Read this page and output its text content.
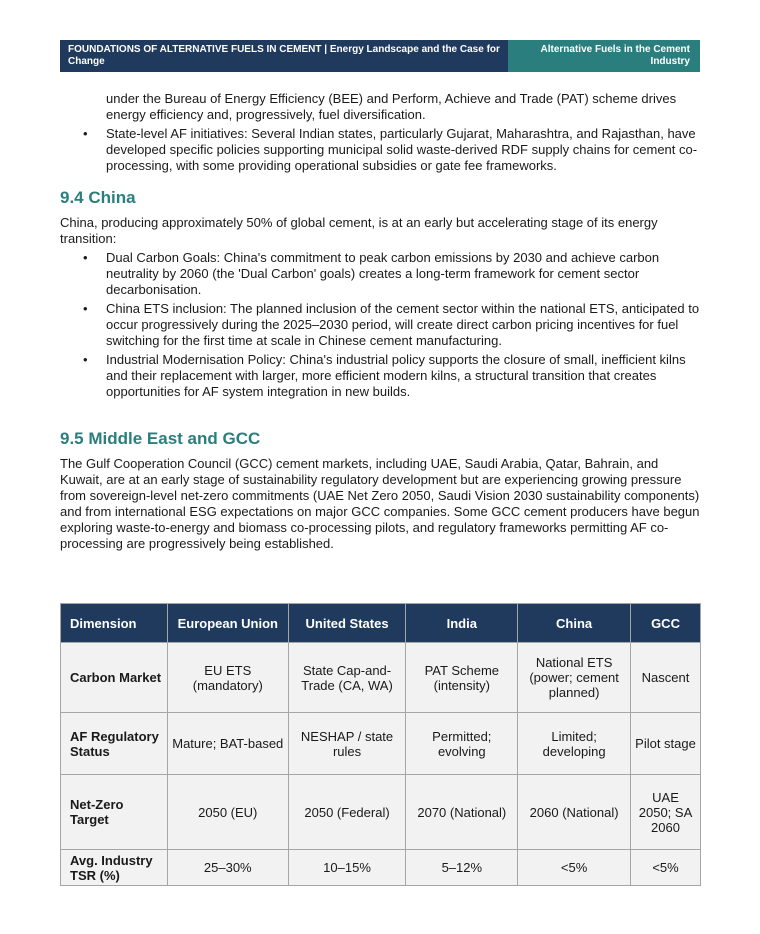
FOUNDATIONS OF ALTERNATIVE FUELS IN CEMENT | Energy Landscape and the Case for Change
Alternative Fuels in the Cement Industry
under the Bureau of Energy Efficiency (BEE) and Perform, Achieve and Trade (PAT) scheme drives energy efficiency and, progressively, fuel diversification.
• State-level AF initiatives: Several Indian states, particularly Gujarat, Maharashtra, and Rajasthan, have developed specific policies supporting municipal solid waste-derived RDF supply chains for cement co-processing, with some providing operational subsidies or gate fee frameworks.
9.4 China

China, producing approximately 50% of global cement, is at an early but accelerating stage of its energy transition:

• Dual Carbon Goals: China's commitment to peak carbon emissions by 2030 and achieve carbon neutrality by 2060 (the 'Dual Carbon' goals) creates a long-term framework for cement sector decarbonisation.
• China ETS inclusion: The planned inclusion of the cement sector within the national ETS, anticipated to occur progressively during the 2025–2030 period, will create direct carbon pricing incentives for fuel switching for the first time at scale in Chinese cement manufacturing.
• Industrial Modernisation Policy: China's industrial policy supports the closure of small, inefficient kilns and their replacement with larger, more efficient modern kilns, a structural transition that creates opportunities for AF system integration in new builds.
9.5 Middle East and GCC

The Gulf Cooperation Council (GCC) cement markets, including UAE, Saudi Arabia, Qatar, Bahrain, and Kuwait, are at an early stage of sustainability regulatory development but are experiencing growing pressure from sovereign-level net-zero commitments (UAE Net Zero 2050, Saudi Vision 2030 sustainability components) and from international ESG expectations on major GCC companies. Some GCC cement producers have begun exploring waste-to-energy and biomass co-processing pilots, and regulatory frameworks permitting AF co-processing are progressively being established.

Dimension	European Union	United States	India	China	GCC
Carbon Market	EU ETS (mandatory)	State Cap-and-Trade (CA, WA)	PAT Scheme (intensity)	National ETS (power; cement planned)	Nascent
AF Regulatory Status	Mature; BAT-based	NESHAP / state rules	Permitted; evolving	Limited; developing	Pilot stage
Net-Zero Target	2050 (EU)	2050 (Federal)	2070 (National)	2060 (National)	UAE 2050; SA 2060
Avg. Industry TSR (%)	25–30%	10–15%	5–12%	<5%	<5%
